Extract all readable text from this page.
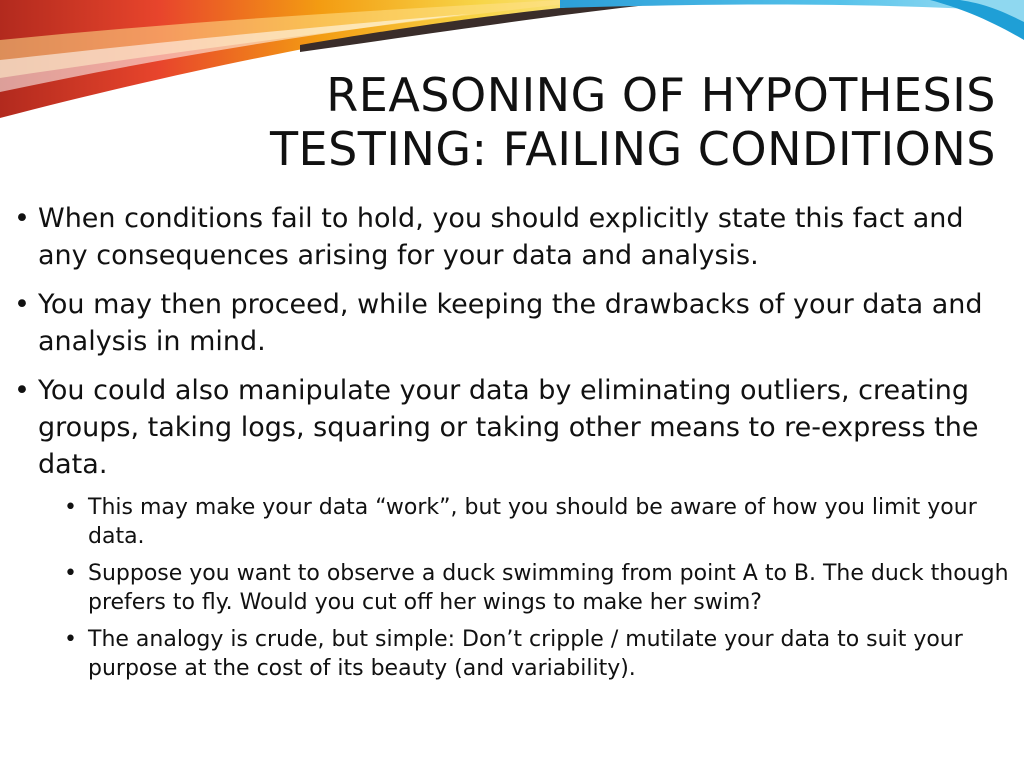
REASONING OF HYPOTHESIS
TESTING: FAILING CONDITIONS
• When conditions fail to hold, you should explicitly state this fact and any consequences arising for your data and analysis.
• You may then proceed, while keeping the drawbacks of your data and analysis in mind.
• You could also manipulate your data by eliminating outliers, creating groups, taking logs, squaring or taking other means to re-express the data.
• This may make your data “work”, but you should be aware of how you limit your data.
• Suppose you want to observe a duck swimming from point A to B. The duck though prefers to fly. Would you cut off her wings to make her swim?
• The analogy is crude, but simple: Don’t cripple / mutilate your data to suit your purpose at the cost of its beauty (and variability).
